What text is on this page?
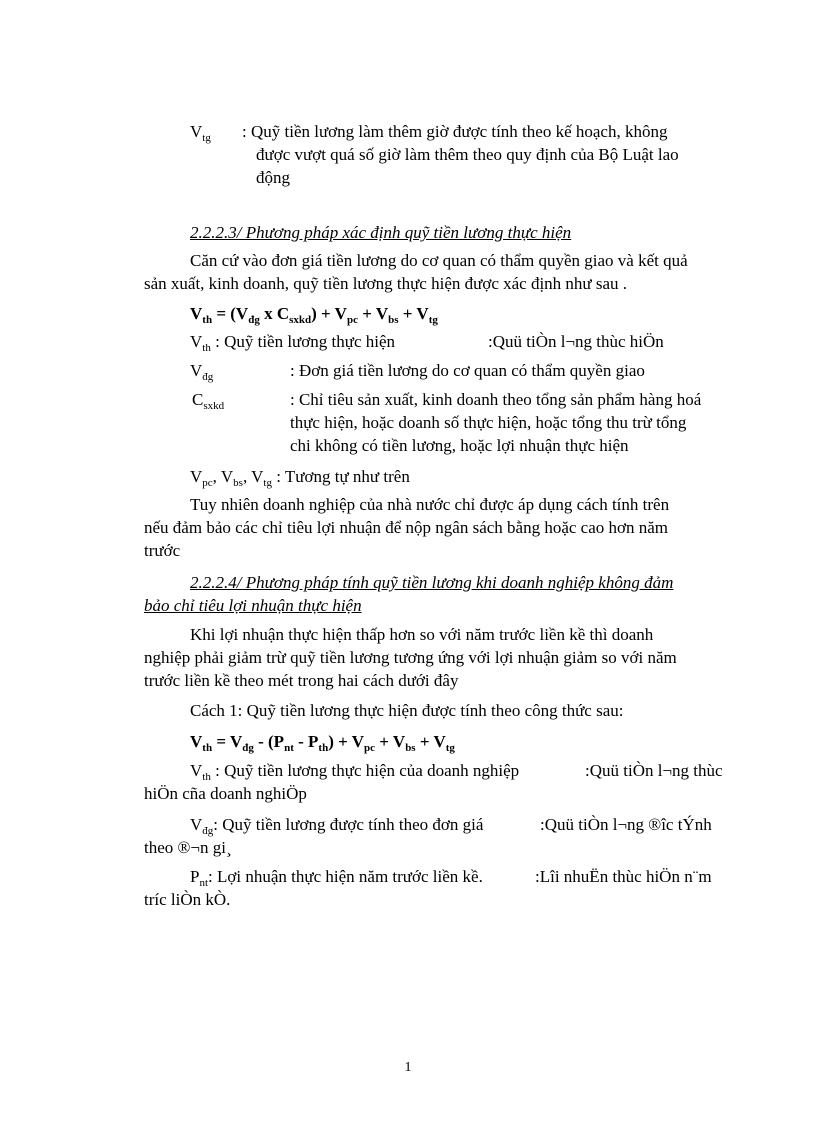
$V_{tg}$ : Quỹ tiền lương làm thêm giờ được tính theo kế hoạch, không
được vượt quá số giờ làm thêm theo quy định của Bộ Luật lao
động
2.2.2.3/ Phương pháp xác định quỹ tiền lương thực hiện
Căn cứ vào đơn giá tiền lương do cơ quan có thẩm quyền giao và kết quả
sản xuất, kinh doanh, quỹ tiền lương thực hiện được xác định như sau .
$V_{th} = (V_{đg}$ x $C_{sxkd}) + V_{pc} + V_{bs} + V_{tg}$
$V_{th}$ : Quỹ tiền lương thực hiện	:Quü tiÒn l¬ng thùc hiÖn
$V_{đg}$	: Đơn giá tiền lương do cơ quan có thẩm quyền giao
$C_{sxkd}$	: Chỉ tiêu sản xuất, kinh doanh theo tổng sản phẩm hàng hoá
thực hiện, hoặc doanh số thực hiện, hoặc tổng thu trừ tổng
chi không có tiền lương, hoặc lợi nhuận thực hiện
$V_{pc}$, $V_{bs}$, $V_{tg}$ : Tương tự như trên
Tuy nhiên doanh nghiệp của nhà nước chỉ được áp dụng cách tính trên
nếu đảm bảo các chỉ tiêu lợi nhuận để nộp ngân sách bằng hoặc cao hơn năm
trước
2.2.2.4/ Phương pháp tính quỹ tiền lương khi doanh nghiệp không đảm
bảo chỉ tiêu lợi nhuận thực hiện
Khi lợi nhuận thực hiện thấp hơn so với năm trước liền kề thì doanh
nghiệp phải giảm trừ quỹ tiền lương tương ứng với lợi nhuận giảm so với năm
trước liền kề theo mét trong hai cách dưới đây
Cách 1: Quỹ tiền lương thực hiện được tính theo công thức sau:
$V_{th} = V_{đg} - (P_{nt} - P_{th}) + V_{pc} + V_{bs} + V_{tg}$
$V_{th}$ : Quỹ tiền lương thực hiện của doanh nghiệp	:Quü tiÒn l¬ng thùc
hiÖn cña doanh nghiÖp
$V_{đg}$: Quỹ tiền lương được tính theo đơn giá	:Quü tiÒn l¬ng ®îc tÝnh
theo ®¬n gi¸
$P_{nt}$: Lợi nhuận thực hiện năm trước liền kề.	:Lîi nhuËn thùc hiÖn n¨m
tríc liÒn kÒ.
1
